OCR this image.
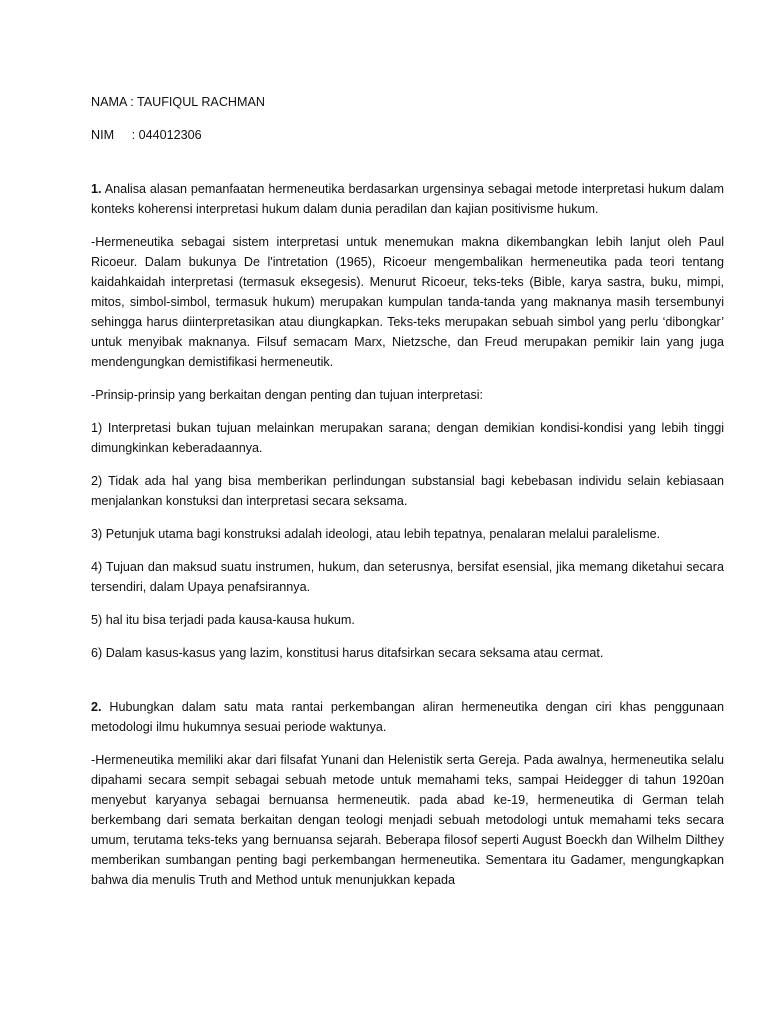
NAMA : TAUFIQUL RACHMAN

NIM : 044012306

1. Analisa alasan pemanfaatan hermeneutika berdasarkan urgensinya sebagai metode interpretasi hukum dalam konteks koherensi interpretasi hukum dalam dunia peradilan dan kajian positivisme hukum.

-Hermeneutika sebagai sistem interpretasi untuk menemukan makna dikembangkan lebih lanjut oleh Paul Ricoeur. Dalam bukunya De l'intretation (1965), Ricoeur mengembalikan hermeneutika pada teori tentang kaidahkaidah interpretasi (termasuk eksegesis). Menurut Ricoeur, teks-teks (Bible, karya sastra, buku, mimpi, mitos, simbol-simbol, termasuk hukum) merupakan kumpulan tanda-tanda yang maknanya masih tersembunyi sehingga harus diinterpretasikan atau diungkapkan. Teks-teks merupakan sebuah simbol yang perlu ‘dibongkar’ untuk menyibak maknanya. Filsuf semacam Marx, Nietzsche, dan Freud merupakan pemikir lain yang juga mendengungkan demistifikasi hermeneutik.

-Prinsip-prinsip yang berkaitan dengan penting dan tujuan interpretasi:

1) Interpretasi bukan tujuan melainkan merupakan sarana; dengan demikian kondisi-kondisi yang lebih tinggi dimungkinkan keberadaannya.

2) Tidak ada hal yang bisa memberikan perlindungan substansial bagi kebebasan individu selain kebiasaan menjalankan konstuksi dan interpretasi secara seksama.

3) Petunjuk utama bagi konstruksi adalah ideologi, atau lebih tepatnya, penalaran melalui paralelisme.

4) Tujuan dan maksud suatu instrumen, hukum, dan seterusnya, bersifat esensial, jika memang diketahui secara tersendiri, dalam Upaya penafsirannya.

5) hal itu bisa terjadi pada kausa-kausa hukum.

6) Dalam kasus-kasus yang lazim, konstitusi harus ditafsirkan secara seksama atau cermat.

2. Hubungkan dalam satu mata rantai perkembangan aliran hermeneutika dengan ciri khas penggunaan metodologi ilmu hukumnya sesuai periode waktunya.

-Hermeneutika memiliki akar dari filsafat Yunani dan Helenistik serta Gereja. Pada awalnya, hermeneutika selalu dipahami secara sempit sebagai sebuah metode untuk memahami teks, sampai Heidegger di tahun 1920an menyebut karyanya sebagai bernuansa hermeneutik. pada abad ke-19, hermeneutika di German telah berkembang dari semata berkaitan dengan teologi menjadi sebuah metodologi untuk memahami teks secara umum, terutama teks-teks yang bernuansa sejarah. Beberapa filosof seperti August Boeckh dan Wilhelm Dilthey memberikan sumbangan penting bagi perkembangan hermeneutika. Sementara itu Gadamer, mengungkapkan bahwa dia menulis Truth and Method untuk menunjukkan kepada
